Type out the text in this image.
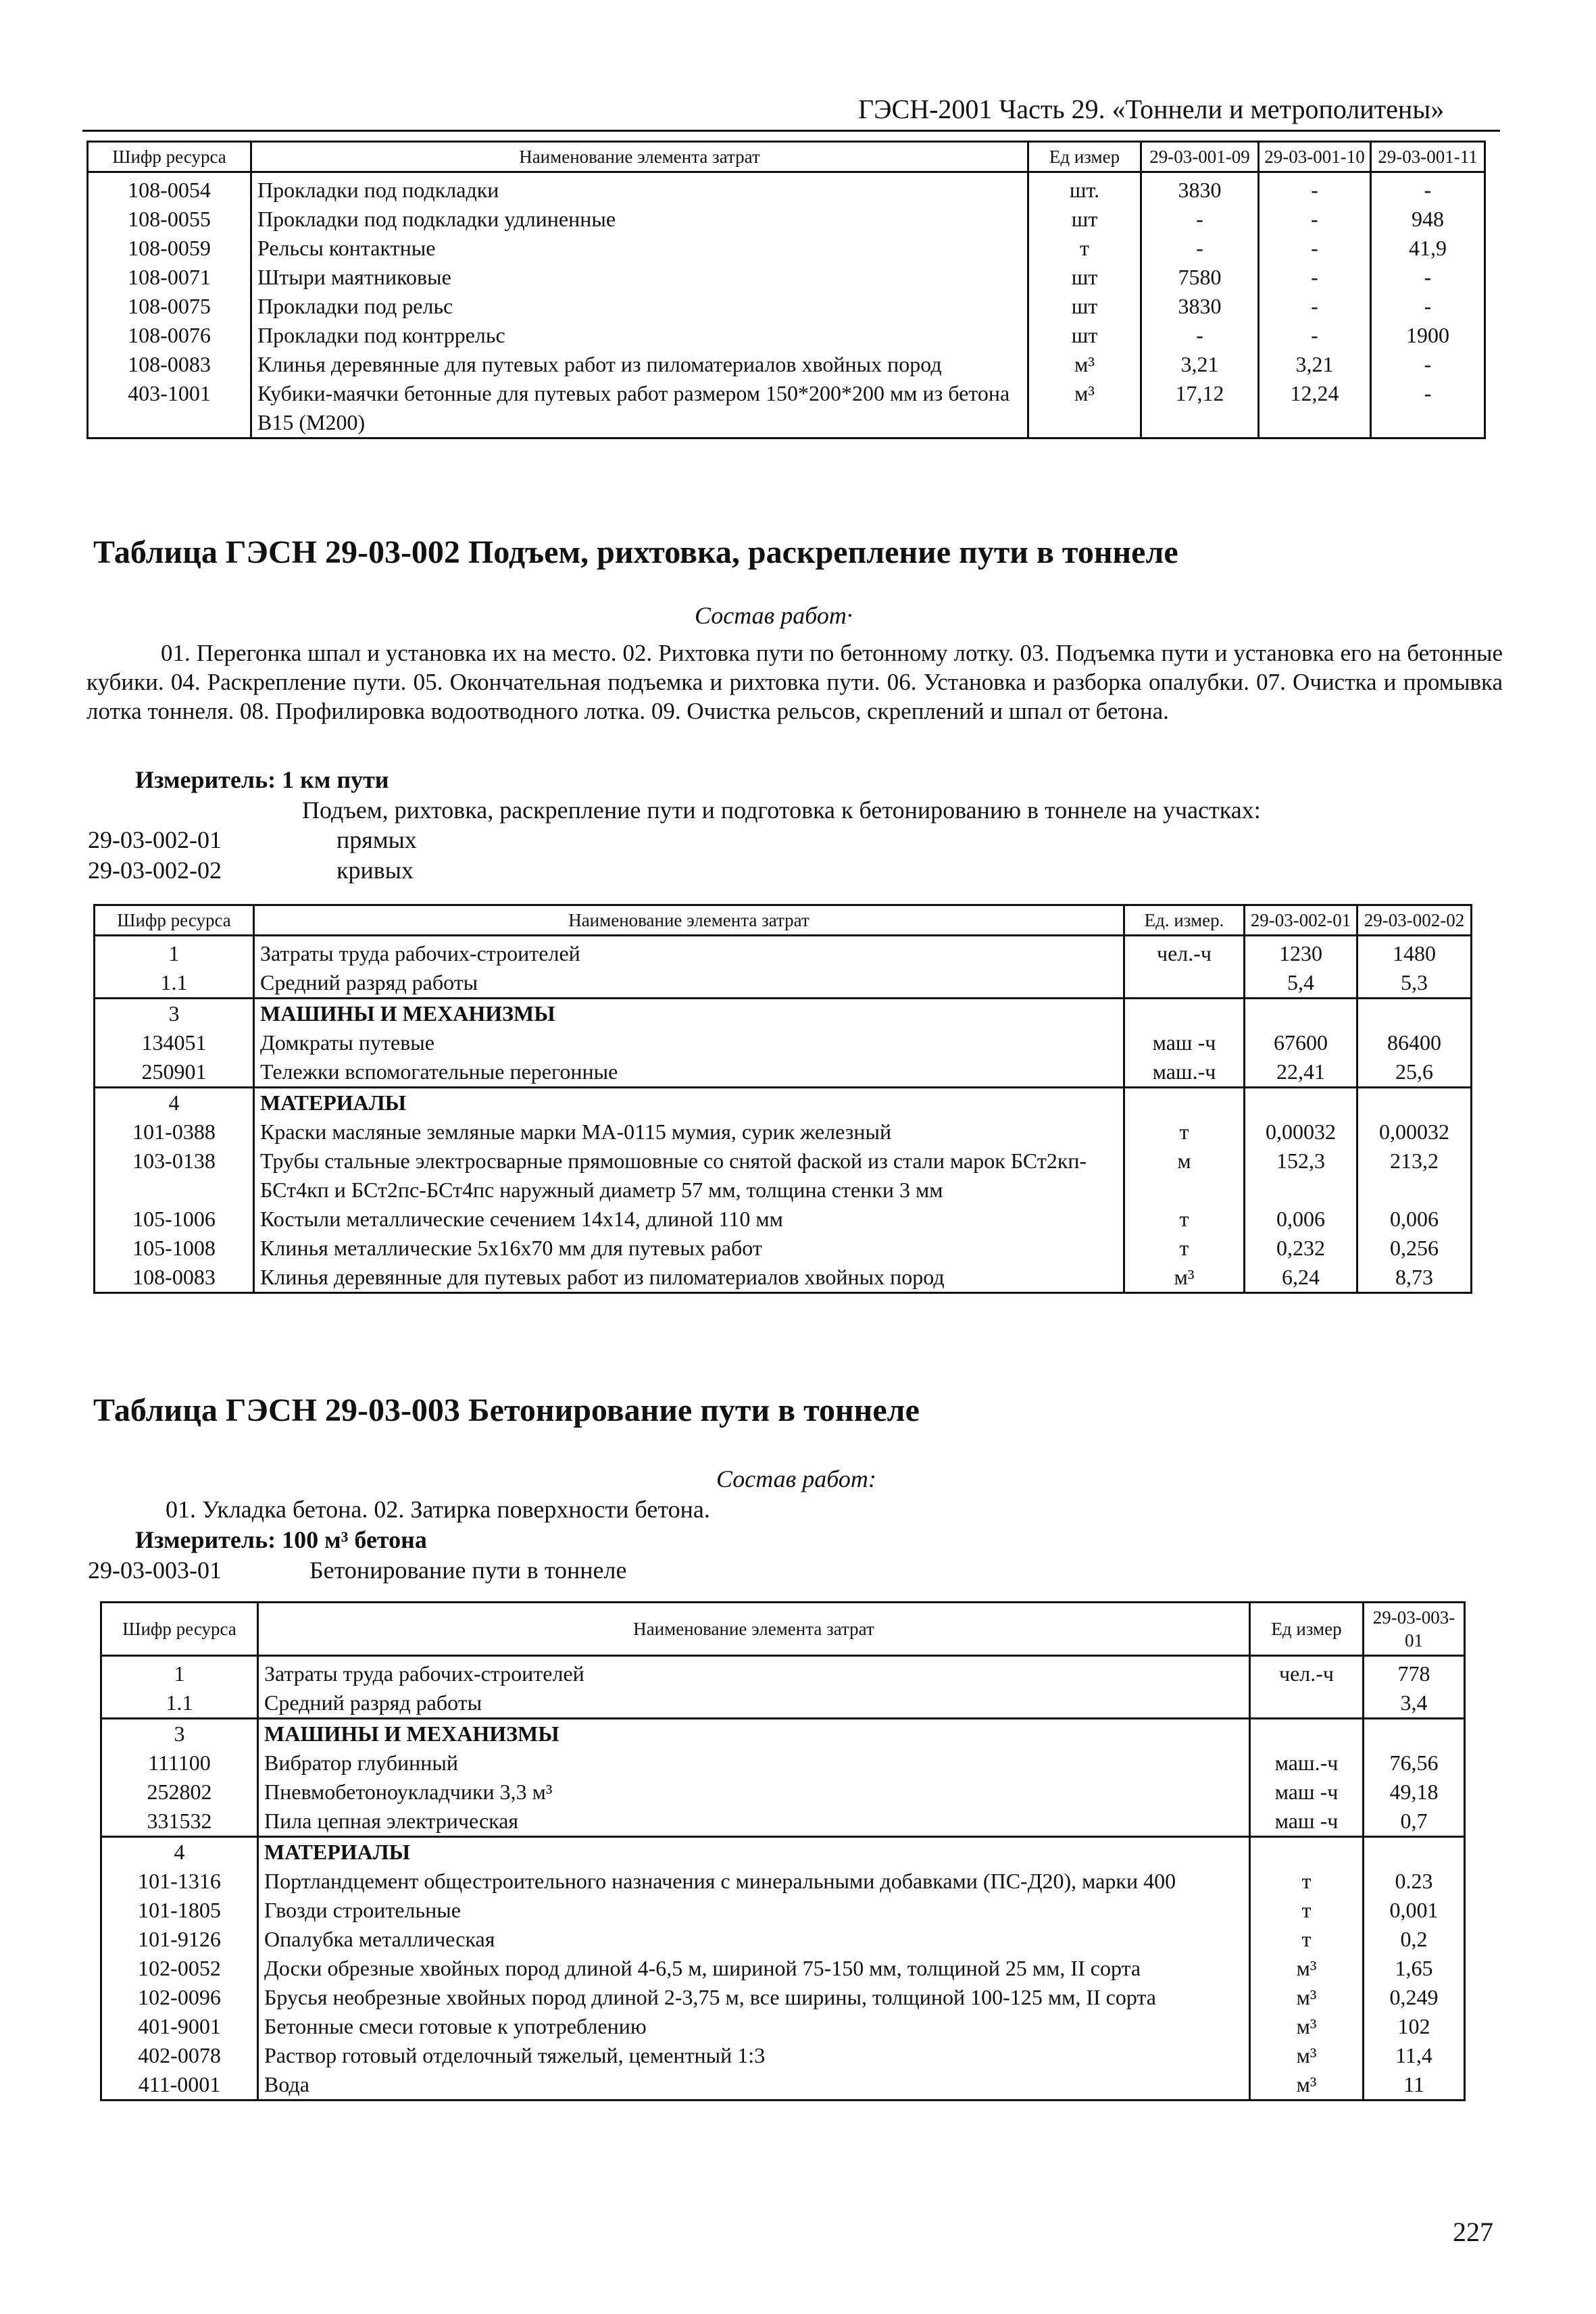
ГЭСН-2001 Часть 29. «Тоннели и метрополитены»
Шифр ресурса	Наименование элемента затрат	Ед измер	29-03-001-09	29-03-001-10	29-03-001-11
108-0054	Прокладки под подкладки	шт.	3830	-	-
108-0055	Прокладки под подкладки удлиненные	шт	-	-	948
108-0059	Рельсы контактные	т	-	-	41,9
108-0071	Штыри маятниковые	шт	7580	-	-
108-0075	Прокладки под рельс	шт	3830	-	-
108-0076	Прокладки под контррельс	шт	-	-	1900
108-0083	Клинья деревянные для путевых работ из пиломатериалов хвойных пород	м³	3,21	3,21	-
403-1001	Кубики-маячки бетонные для путевых работ размером 150*200*200 мм из бетона В15 (М200)	м³	17,12	12,24	-
Таблица ГЭСН 29-03-002 Подъем, рихтовка, раскрепление пути в тоннеле
Состав работ·
01. Перегонка шпал и установка их на место. 02. Рихтовка пути по бетонному лотку. 03. Подъемка пути и установка его на бетонные кубики. 04. Раскрепление пути. 05. Окончательная подъемка и рихтовка пути. 06. Установка и разборка опалубки. 07. Очистка и промывка лотка тоннеля. 08. Профилировка водоотводного лотка. 09. Очистка рельсов, скреплений и шпал от бетона.
Измеритель: 1 км пути
Подъем, рихтовка, раскрепление пути и подготовка к бетонированию в тоннеле на участках:
29-03-002-01	прямых
29-03-002-02	кривых
Шифр ресурса	Наименование элемента затрат	Ед. измер.	29-03-002-01	29-03-002-02
1	Затраты труда рабочих-строителей	чел.-ч	1230	1480
1.1	Средний разряд работы		5,4	5,3
3	МАШИНЫ И МЕХАНИЗМЫ			
134051	Домкраты путевые	маш -ч	67600	86400
250901	Тележки вспомогательные перегонные	маш.-ч	22,41	25,6
4	МАТЕРИАЛЫ			
101-0388	Краски масляные земляные марки МА-0115 мумия, сурик железный	т	0,00032	0,00032
103-0138	Трубы стальные электросварные прямошовные со снятой фаской из стали марок БСт2кп-БСт4кп и БСт2пс-БСт4пс наружный диаметр 57 мм, толщина стенки 3 мм	м	152,3	213,2
105-1006	Костыли металлические сечением 14х14, длиной 110 мм	т	0,006	0,006
105-1008	Клинья металлические 5х16х70 мм для путевых работ	т	0,232	0,256
108-0083	Клинья деревянные для путевых работ из пиломатериалов хвойных пород	м³	6,24	8,73
Таблица ГЭСН 29-03-003 Бетонирование пути в тоннеле
Состав работ:
01. Укладка бетона. 02. Затирка поверхности бетона.
Измеритель: 100 м³ бетона
29-03-003-01	Бетонирование пути в тоннеле
Шифр ресурса	Наименование элемента затрат	Ед измер	29-03-003-01
1	Затраты труда рабочих-строителей	чел.-ч	778
1.1	Средний разряд работы		3,4
3	МАШИНЫ И МЕХАНИЗМЫ		
111100	Вибратор глубинный	маш.-ч	76,56
252802	Пневмобетоноукладчики 3,3 м³	маш -ч	49,18
331532	Пила цепная электрическая	маш -ч	0,7
4	МАТЕРИАЛЫ		
101-1316	Портландцемент общестроительного назначения с минеральными добавками (ПС-Д20), марки 400	т	0.23
101-1805	Гвозди строительные	т	0,001
101-9126	Опалубка металлическая	т	0,2
102-0052	Доски обрезные хвойных пород длиной 4-6,5 м, шириной 75-150 мм, толщиной 25 мм, II сорта	м³	1,65
102-0096	Брусья необрезные хвойных пород длиной 2-3,75 м, все ширины, толщиной 100-125 мм, II сорта	м³	0,249
401-9001	Бетонные смеси готовые к употреблению	м³	102
402-0078	Раствор готовый отделочный тяжелый, цементный 1:3	м³	11,4
411-0001	Вода	м³	11
227
